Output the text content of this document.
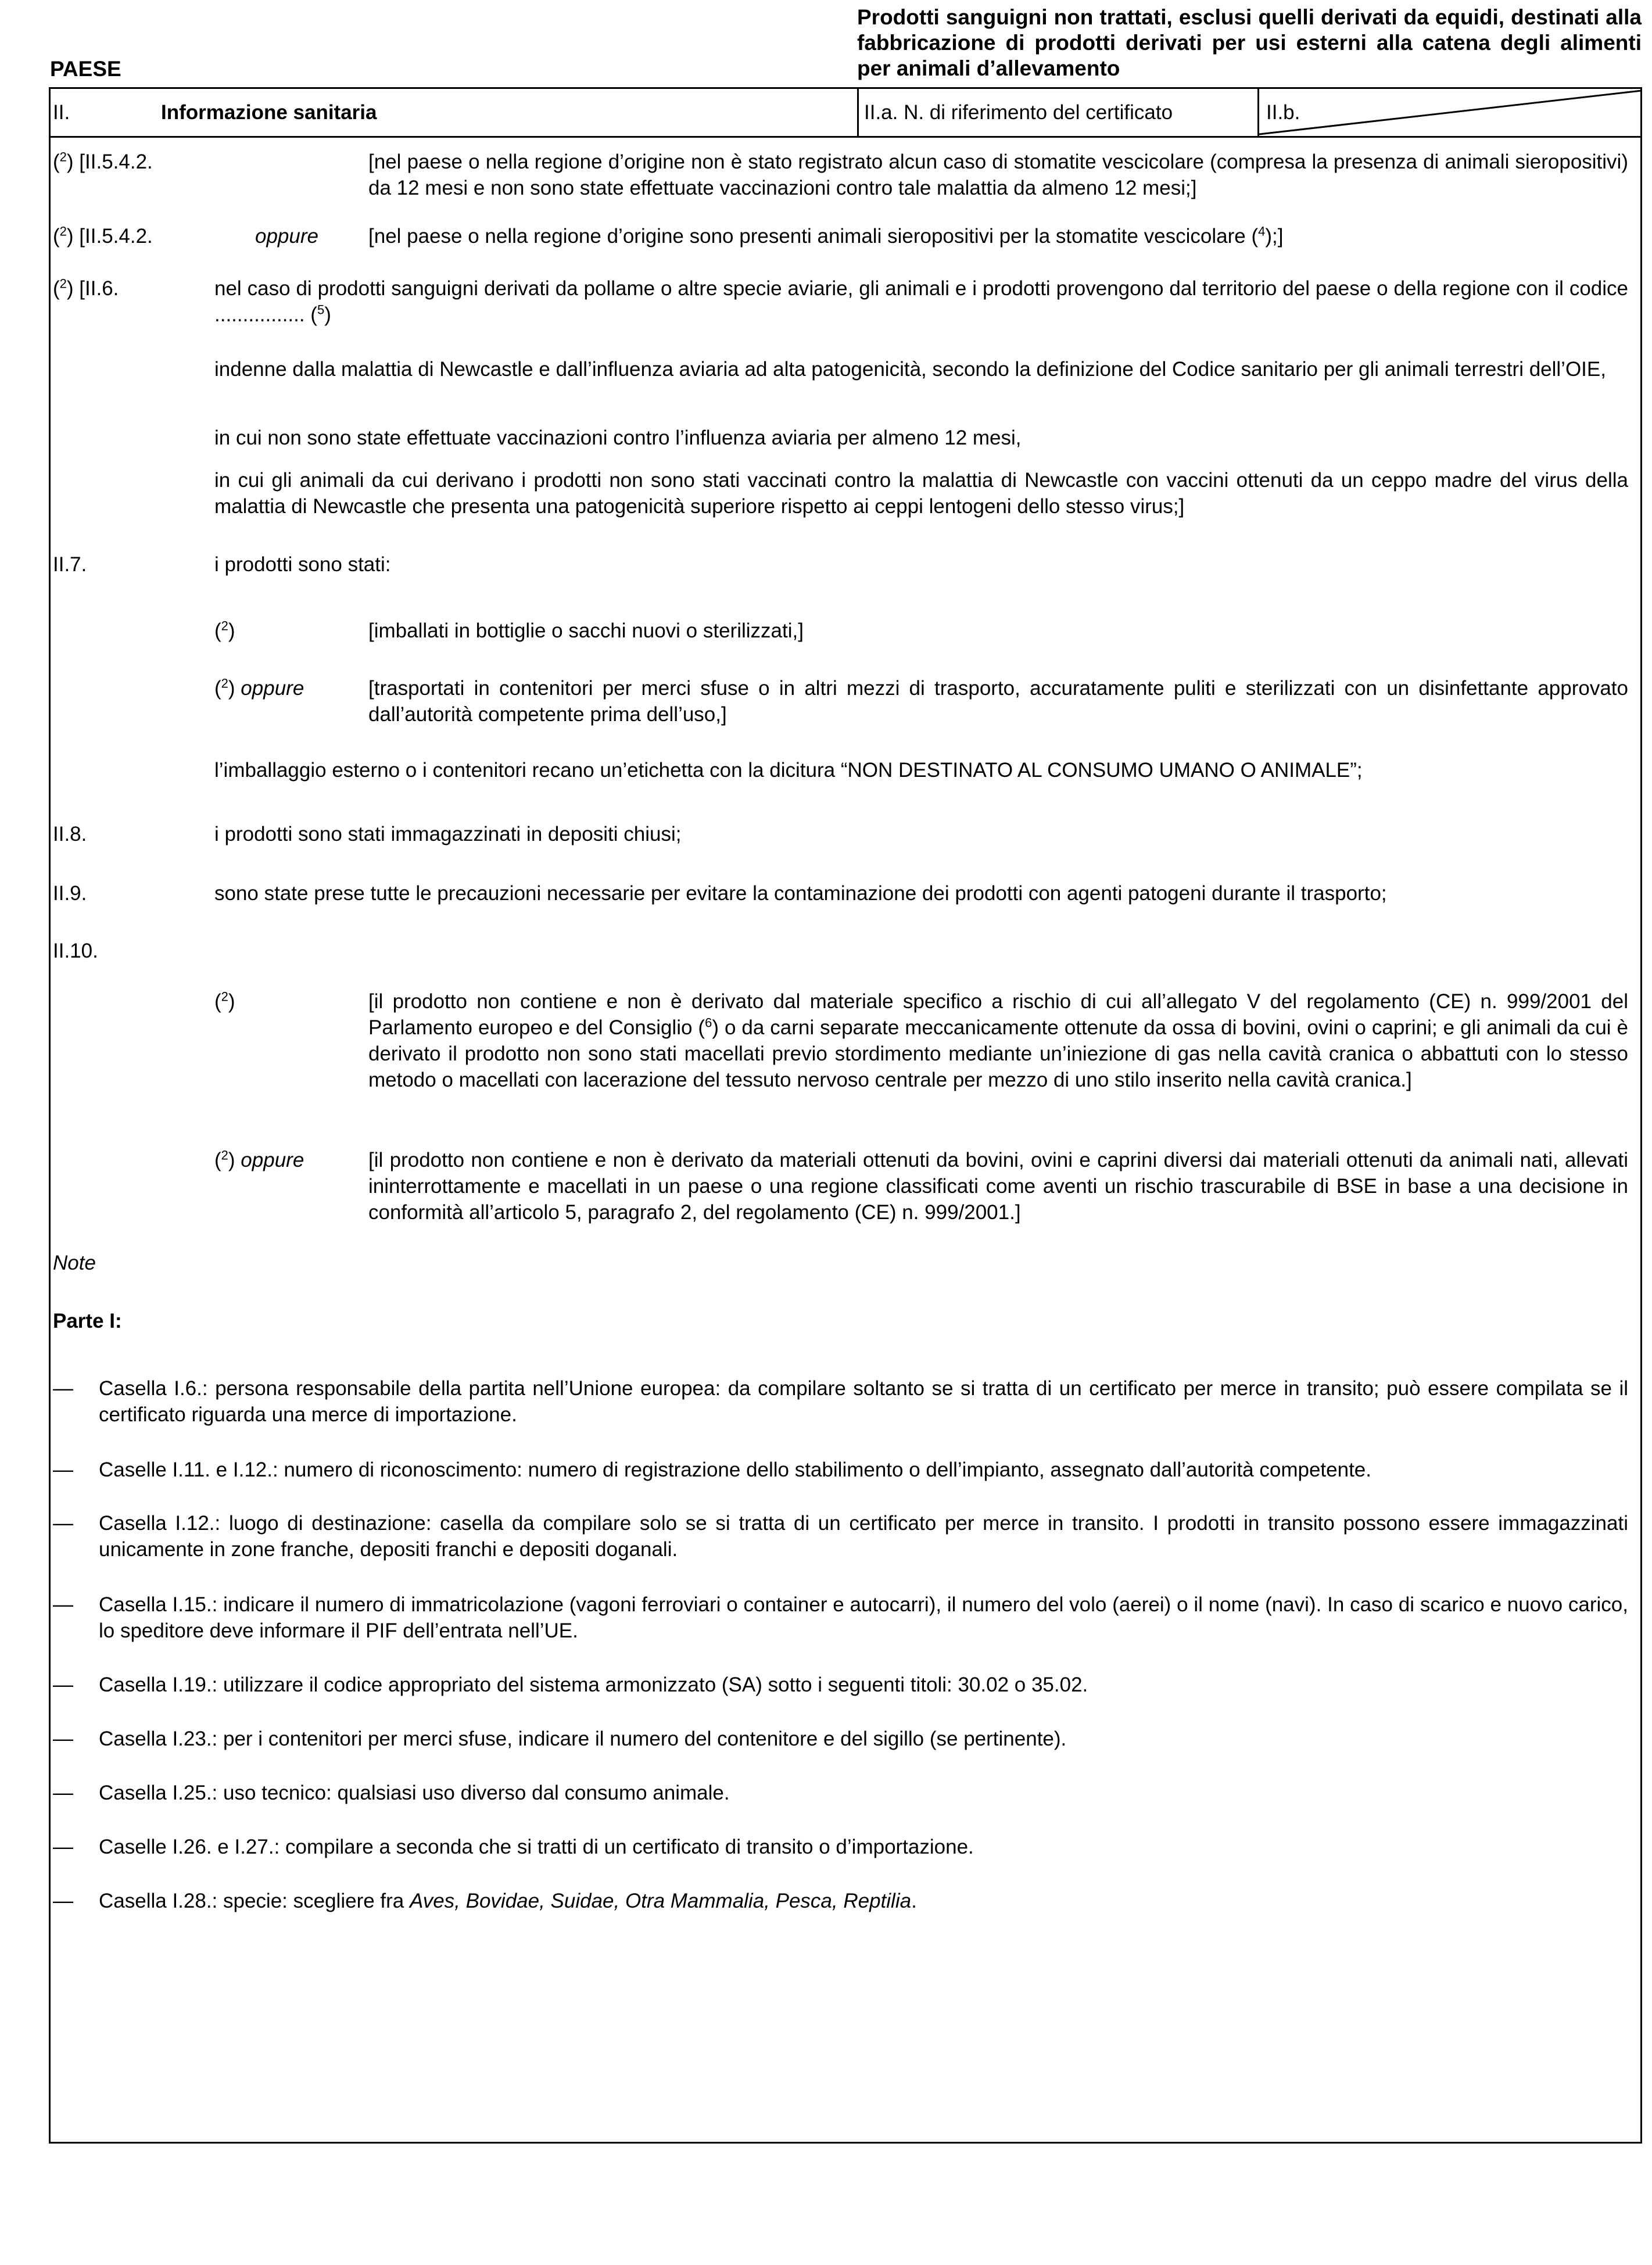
PAESE
Prodotti sanguigni non trattati, esclusi quelli derivati da equidi, destinati alla fabbricazione di prodotti derivati per usi esterni alla catena degli alimenti per animali d’allevamento
II.	Informazione sanitaria	II.a. N. di riferimento del certificato	II.b.
($^2$) [II.5.4.2.	[nel paese o nella regione d’origine non è stato registrato alcun caso di stomatite vescicolare (compresa la presenza di animali sieropositivi) da 12 mesi e non sono state effettuate vaccinazioni contro tale malattia da almeno 12 mesi;]
($^2$) [II.5.4.2.	oppure [nel paese o nella regione d’origine sono presenti animali sieropositivi per la stomatite vescicolare ($^4$);]
($^2$) [II.6.	nel caso di prodotti sanguigni derivati da pollame o altre specie aviarie, gli animali e i prodotti provengono dal territorio del paese o della regione con il codice ................ ($^5$)
indenne dalla malattia di Newcastle e dall’influenza aviaria ad alta patogenicità, secondo la definizione del Codice sanitario per gli animali terrestri dell’OIE,
in cui non sono state effettuate vaccinazioni contro l’influenza aviaria per almeno 12 mesi,
in cui gli animali da cui derivano i prodotti non sono stati vaccinati contro la malattia di Newcastle con vaccini ottenuti da un ceppo madre del virus della malattia di Newcastle che presenta una patogenicità superiore rispetto ai ceppi lentogeni dello stesso virus;]
II.7.	i prodotti sono stati:
($^2$)	[imballati in bottiglie o sacchi nuovi o sterilizzati,]
($^2$) oppure	[trasportati in contenitori per merci sfuse o in altri mezzi di trasporto, accuratamente puliti e sterilizzati con un disinfettante approvato dall’autorità competente prima dell’uso,]
l’imballaggio esterno o i contenitori recano un’etichetta con la dicitura “NON DESTINATO AL CONSUMO UMANO O ANIMALE”;
II.8.	i prodotti sono stati immagazzinati in depositi chiusi;
II.9.	sono state prese tutte le precauzioni necessarie per evitare la contaminazione dei prodotti con agenti patogeni durante il trasporto;
II.10.
($^2$)	[il prodotto non contiene e non è derivato dal materiale specifico a rischio di cui all’allegato V del regolamento (CE) n. 999/2001 del Parlamento europeo e del Consiglio ($^6$) o da carni separate meccanicamente ottenute da ossa di bovini, ovini o caprini; e gli animali da cui è derivato il prodotto non sono stati macellati previo stordimento mediante un’iniezione di gas nella cavità cranica o abbattuti con lo stesso metodo o macellati con lacerazione del tessuto nervoso centrale per mezzo di uno stilo inserito nella cavità cranica.]
($^2$) oppure	[il prodotto non contiene e non è derivato da materiali ottenuti da bovini, ovini e caprini diversi dai materiali ottenuti da animali nati, allevati ininterrottamente e macellati in un paese o una regione classificati come aventi un rischio trascurabile di BSE in base a una decisione in conformità all’articolo 5, paragrafo 2, del regolamento (CE) n. 999/2001.]
Note
Parte I:
— Casella I.6.: persona responsabile della partita nell’Unione europea: da compilare soltanto se si tratta di un certificato per merce in transito; può essere compilata se il certificato riguarda una merce di importazione.
— Caselle I.11. e I.12.: numero di riconoscimento: numero di registrazione dello stabilimento o dell’impianto, assegnato dall’autorità competente.
— Casella I.12.: luogo di destinazione: casella da compilare solo se si tratta di un certificato per merce in transito. I prodotti in transito possono essere immagazzinati unicamente in zone franche, depositi franchi e depositi doganali.
— Casella I.15.: indicare il numero di immatricolazione (vagoni ferroviari o container e autocarri), il numero del volo (aerei) o il nome (navi). In caso di scarico e nuovo carico, lo speditore deve informare il PIF dell’entrata nell’UE.
— Casella I.19.: utilizzare il codice appropriato del sistema armonizzato (SA) sotto i seguenti titoli: 30.02 o 35.02.
— Casella I.23.: per i contenitori per merci sfuse, indicare il numero del contenitore e del sigillo (se pertinente).
— Casella I.25.: uso tecnico: qualsiasi uso diverso dal consumo animale.
— Caselle I.26. e I.27.: compilare a seconda che si tratti di un certificato di transito o d’importazione.
— Casella I.28.: specie: scegliere fra Aves, Bovidae, Suidae, Otra Mammalia, Pesca, Reptilia.
